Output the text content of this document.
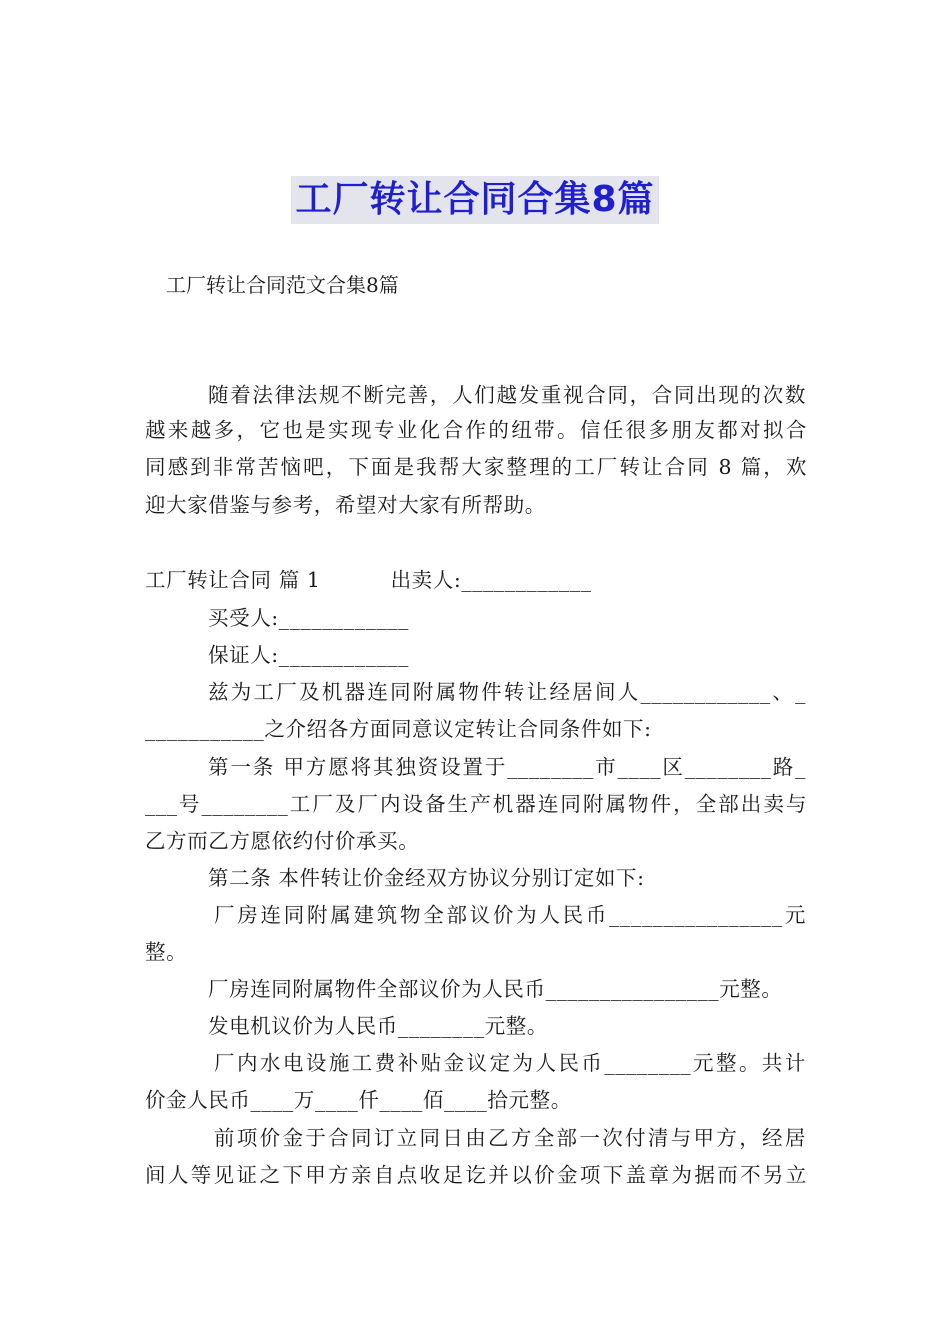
工厂转让合同合集8篇
工厂转让合同范文合集8篇
随着法律法规不断完善，人们越发重视合同，合同出现的次数
越来越多，它也是实现专业化合作的纽带。信任很多朋友都对拟合
同感到非常苦恼吧，下面是我帮大家整理的工厂转让合同 8 篇，欢
迎大家借鉴与参考，希望对大家有所帮助。
工厂转让合同 篇 1	出卖人:____________
买受人:____________
保证人:____________
兹为工厂及机器连同附属物件转让经居间人____________、_
___________之介绍各方面同意议定转让合同条件如下:
第一条 甲方愿将其独资设置于________市____区________路_
___号________工厂及厂内设备生产机器连同附属物件，全部出卖与
乙方而乙方愿依约付价承买。
第二条 本件转让价金经双方协议分别订定如下:
厂房连同附属建筑物全部议价为人民币________________元
整。
厂房连同附属物件全部议价为人民币________________元整。
发电机议价为人民币________元整。
厂内水电设施工费补贴金议定为人民币________元整。共计
价金人民币____万____仟____佰____拾元整。
前项价金于合同订立同日由乙方全部一次付清与甲方，经居
间人等见证之下甲方亲自点收足讫并以价金项下盖章为据而不另立
